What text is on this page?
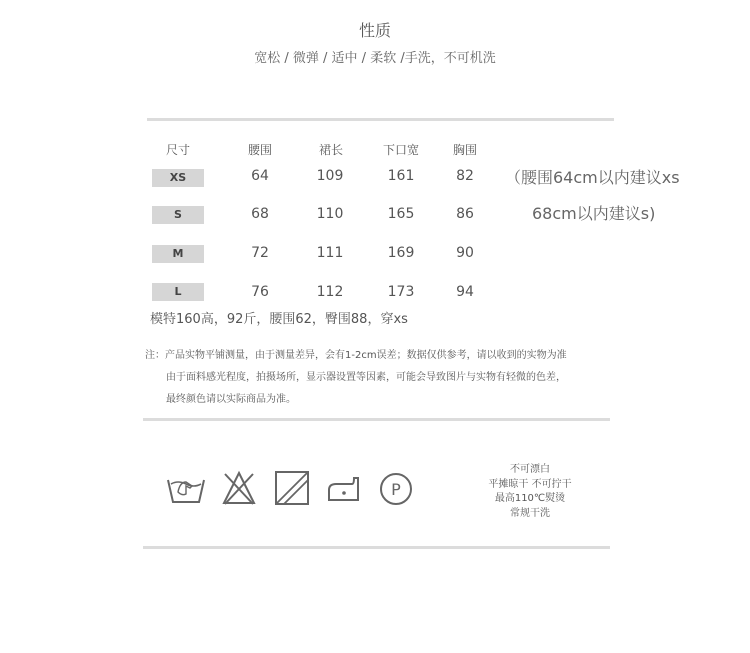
性质
宽松 / 微弹 / 适中 / 柔软 /手洗，不可机洗
尺寸	腰围	裙长	下口宽	胸围
XS	64	109	161	82
S	68	110	165	86
M	72	111	169	90
L	76	112	173	94
（腰围64cm以内建议xs
68cm以内建议s)
模特160高，92斤，腰围62，臀围88，穿xs
注：产品实物平铺测量，由于测量差异，会有1-2cm误差；数据仅供参考，请以收到的实物为准
由于面料感光程度，拍摄场所，显示器设置等因素，可能会导致图片与实物有轻微的色差，
最终颜色请以实际商品为准。
P
不可漂白
平摊晾干 不可拧干
最高110℃熨烫
常规干洗
